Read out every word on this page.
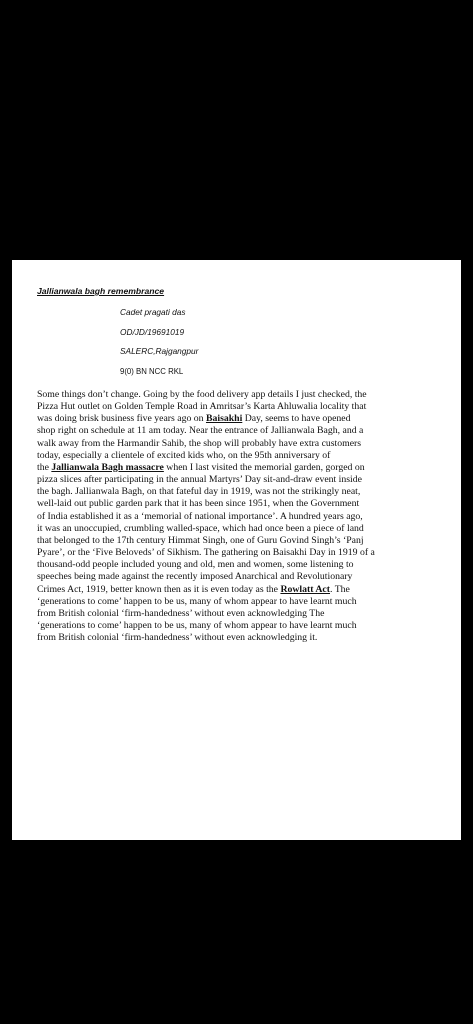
Jallianwala bagh remembrance
Cadet pragati das
OD/JD/19691019
SALERC,Rajgangpur
9(0) BN NCC RKL
Some things don’t change. Going by the food delivery app details I just checked, the
Pizza Hut outlet on Golden Temple Road in Amritsar’s Karta Ahluwalia locality that
was doing brisk business five years ago on Baisakhi Day, seems to have opened
shop right on schedule at 11 am today. Near the entrance of Jallianwala Bagh, and a
walk away from the Harmandir Sahib, the shop will probably have extra customers
today, especially a clientele of excited kids who, on the 95th anniversary of
the Jallianwala Bagh massacre when I last visited the memorial garden, gorged on
pizza slices after participating in the annual Martyrs’ Day sit-and-draw event inside
the bagh. Jallianwala Bagh, on that fateful day in 1919, was not the strikingly neat,
well-laid out public garden park that it has been since 1951, when the Government
of India established it as a ‘memorial of national importance’. A hundred years ago,
it was an unoccupied, crumbling walled-space, which had once been a piece of land
that belonged to the 17th century Himmat Singh, one of Guru Govind Singh’s ‘Panj
Pyare’, or the ‘Five Beloveds’ of Sikhism. The gathering on Baisakhi Day in 1919 of a
thousand-odd people included young and old, men and women, some listening to
speeches being made against the recently imposed Anarchical and Revolutionary
Crimes Act, 1919, better known then as it is even today as the Rowlatt Act. The
‘generations to come’ happen to be us, many of whom appear to have learnt much
from British colonial ‘firm-handedness’ without even acknowledging The
‘generations to come’ happen to be us, many of whom appear to have learnt much
from British colonial ‘firm-handedness’ without even acknowledging it.
